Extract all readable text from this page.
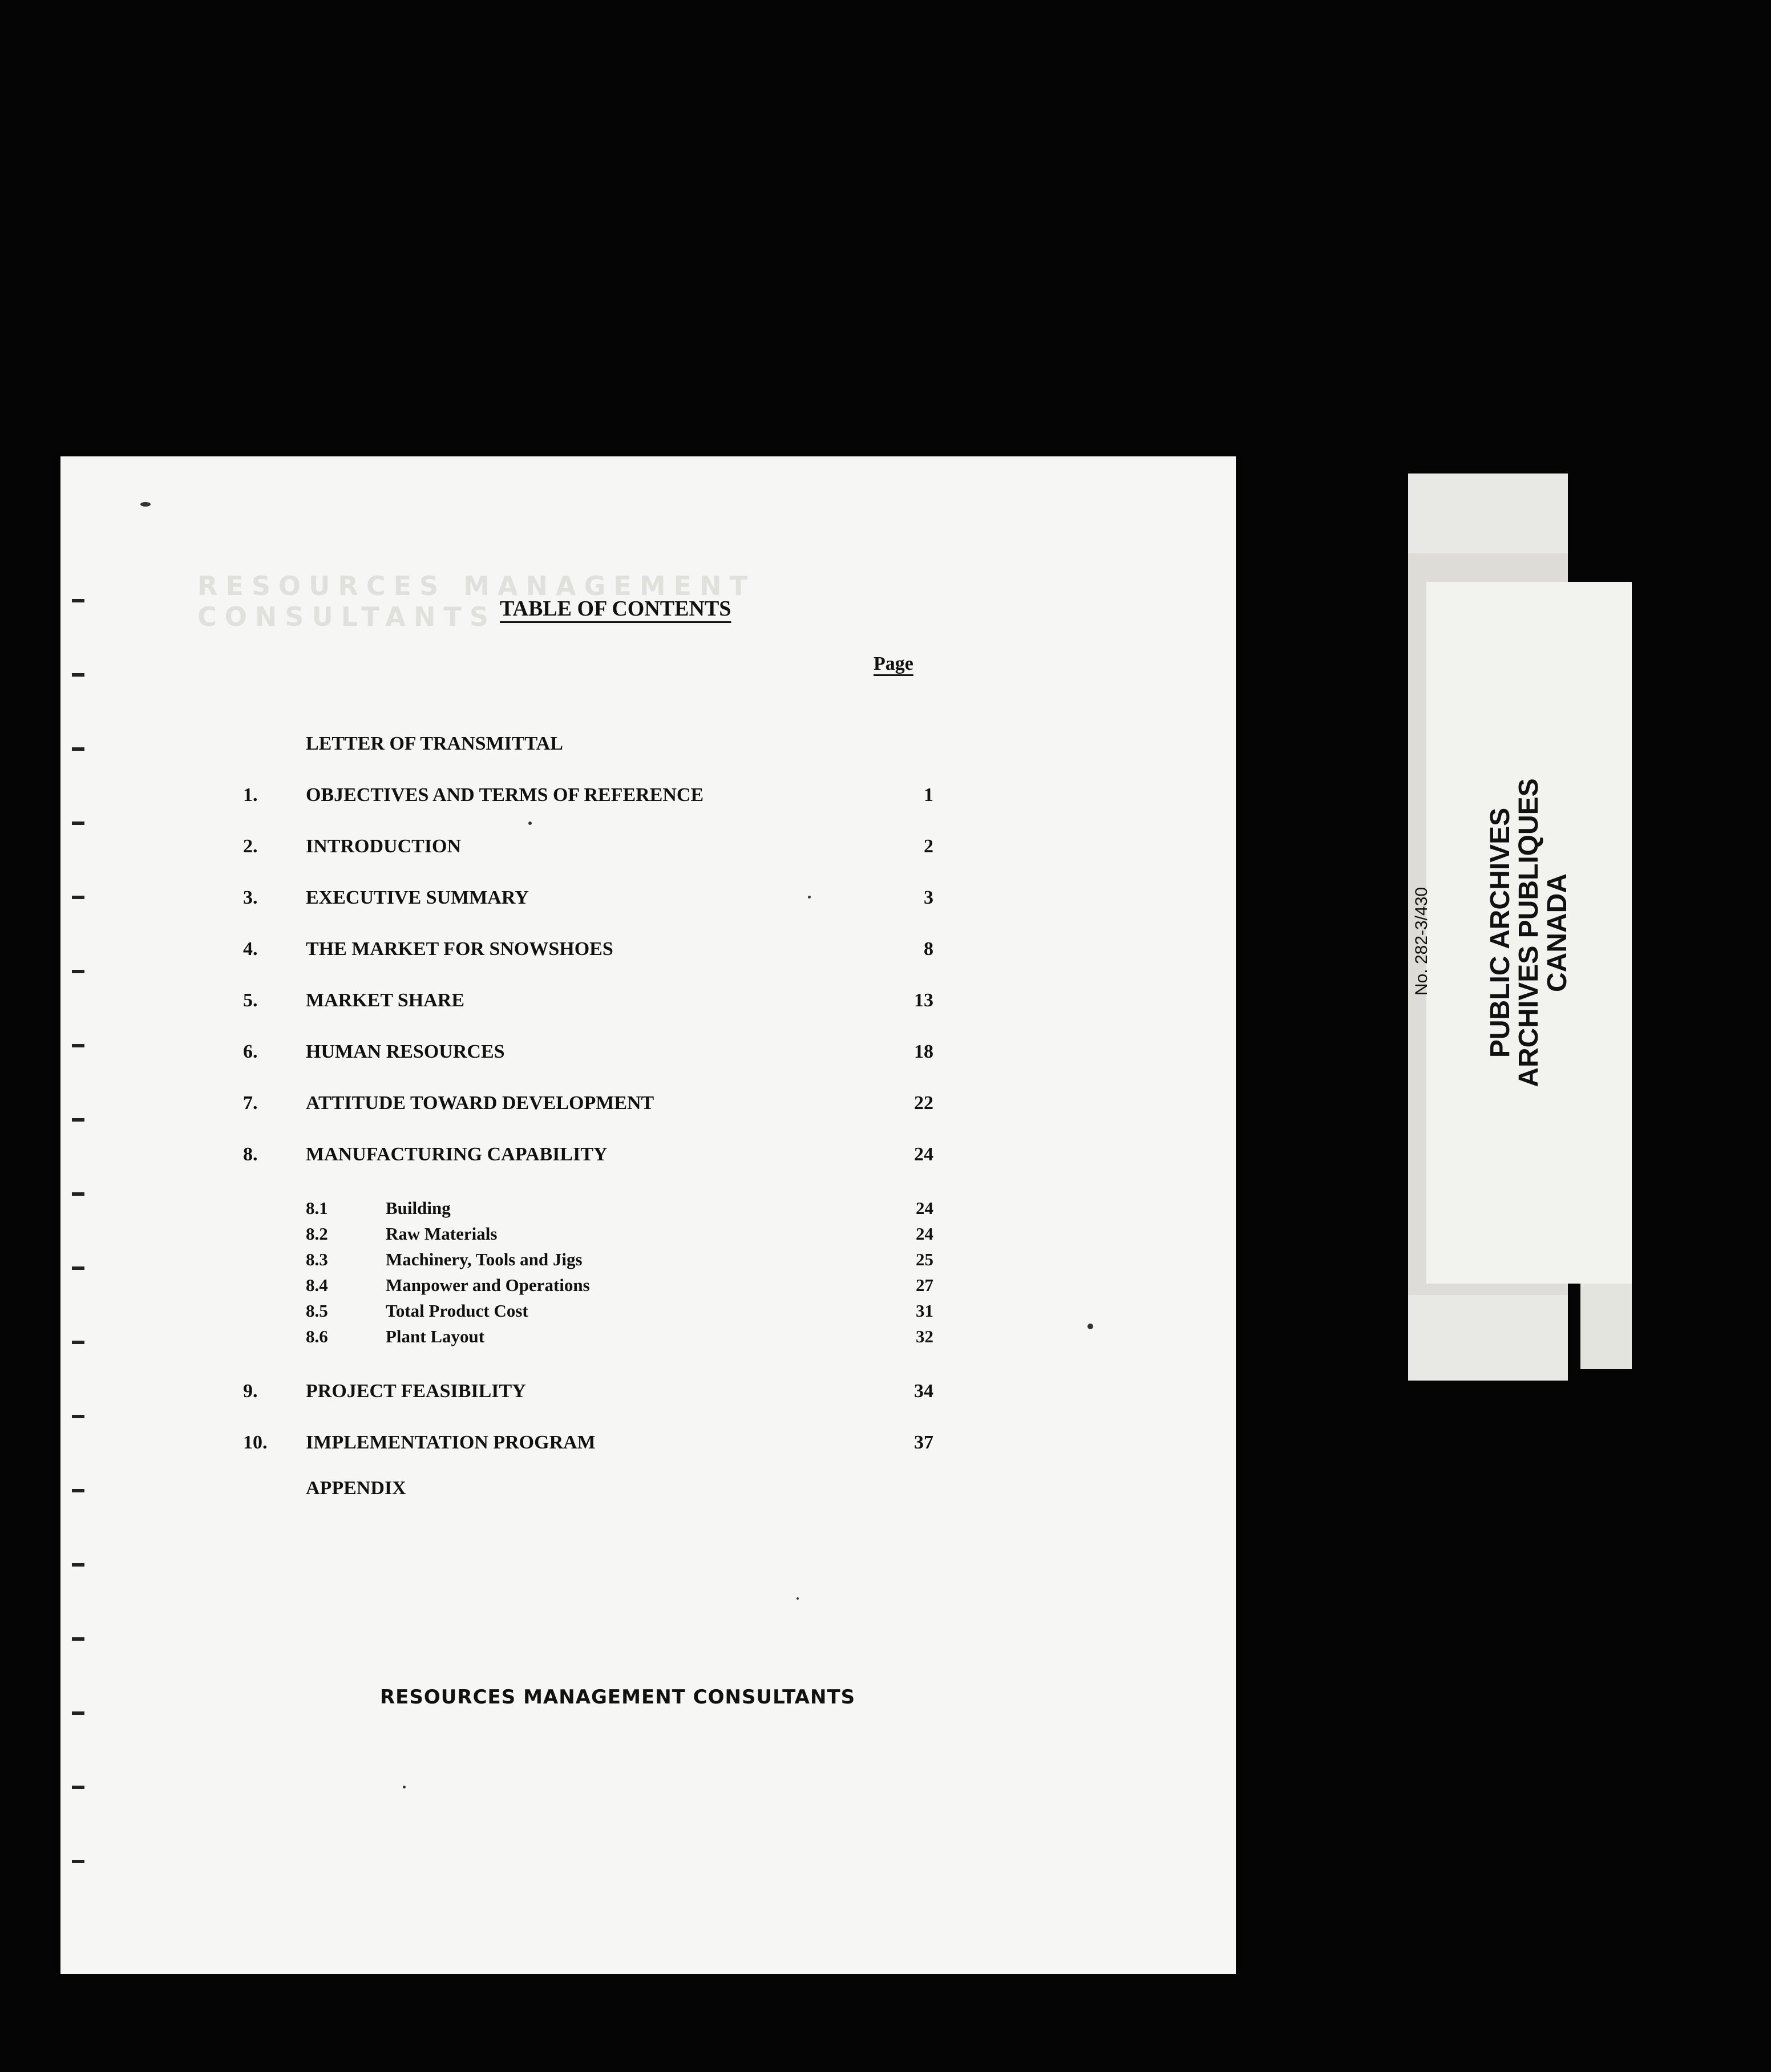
RESOURCES MANAGEMENT CONSULTANTS TABLE OF CONTENTS
Page
LETTER OF TRANSMITTAL
1.	OBJECTIVES AND TERMS OF REFERENCE	1
2.	INTRODUCTION	2
3.	EXECUTIVE SUMMARY	3
4.	THE MARKET FOR SNOWSHOES	8
5.	MARKET SHARE	13
6.	HUMAN RESOURCES	18
7.	ATTITUDE TOWARD DEVELOPMENT	22
8.	MANUFACTURING CAPABILITY	24
8.1	Building	24
8.2	Raw Materials	24
8.3	Machinery, Tools and Jigs	25
8.4	Manpower and Operations	27
8.5	Total Product Cost	31
8.6	Plant Layout	32
9.	PROJECT FEASIBILITY	34
10.	IMPLEMENTATION PROGRAM	37
APPENDIX
RESOURCES MANAGEMENT CONSULTANTS
PUBLIC ARCHIVES
ARCHIVES PUBLIQUES
CANADA
No. 282-3/430
